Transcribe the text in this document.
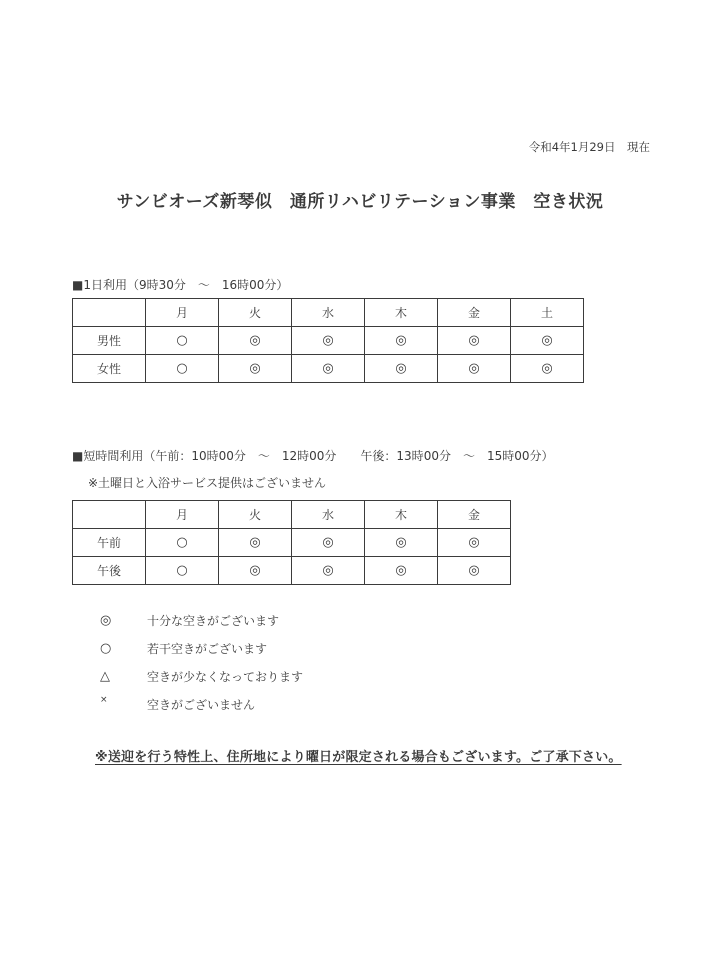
令和4年1月29日　現在
サンビオーズ新琴似　通所リハビリテーション事業　空き状況
■1日利用（9時30分　～　16時00分）
	月	火	水	木	金	土
男性	○	◎	◎	◎	◎	◎
女性	○	◎	◎	◎	◎	◎
■短時間利用（午前：10時00分　～　12時00分　　午後：13時00分　～　15時00分）
※土曜日と入浴サービス提供はございません
	月	火	水	木	金
午前	○	◎	◎	◎	◎
午後	○	◎	◎	◎	◎
◎	十分な空きがございます
○	若干空きがございます
△	空きが少なくなっております
×	空きがございません
※送迎を行う特性上、住所地により曜日が限定される場合もございます。ご了承下さい。
